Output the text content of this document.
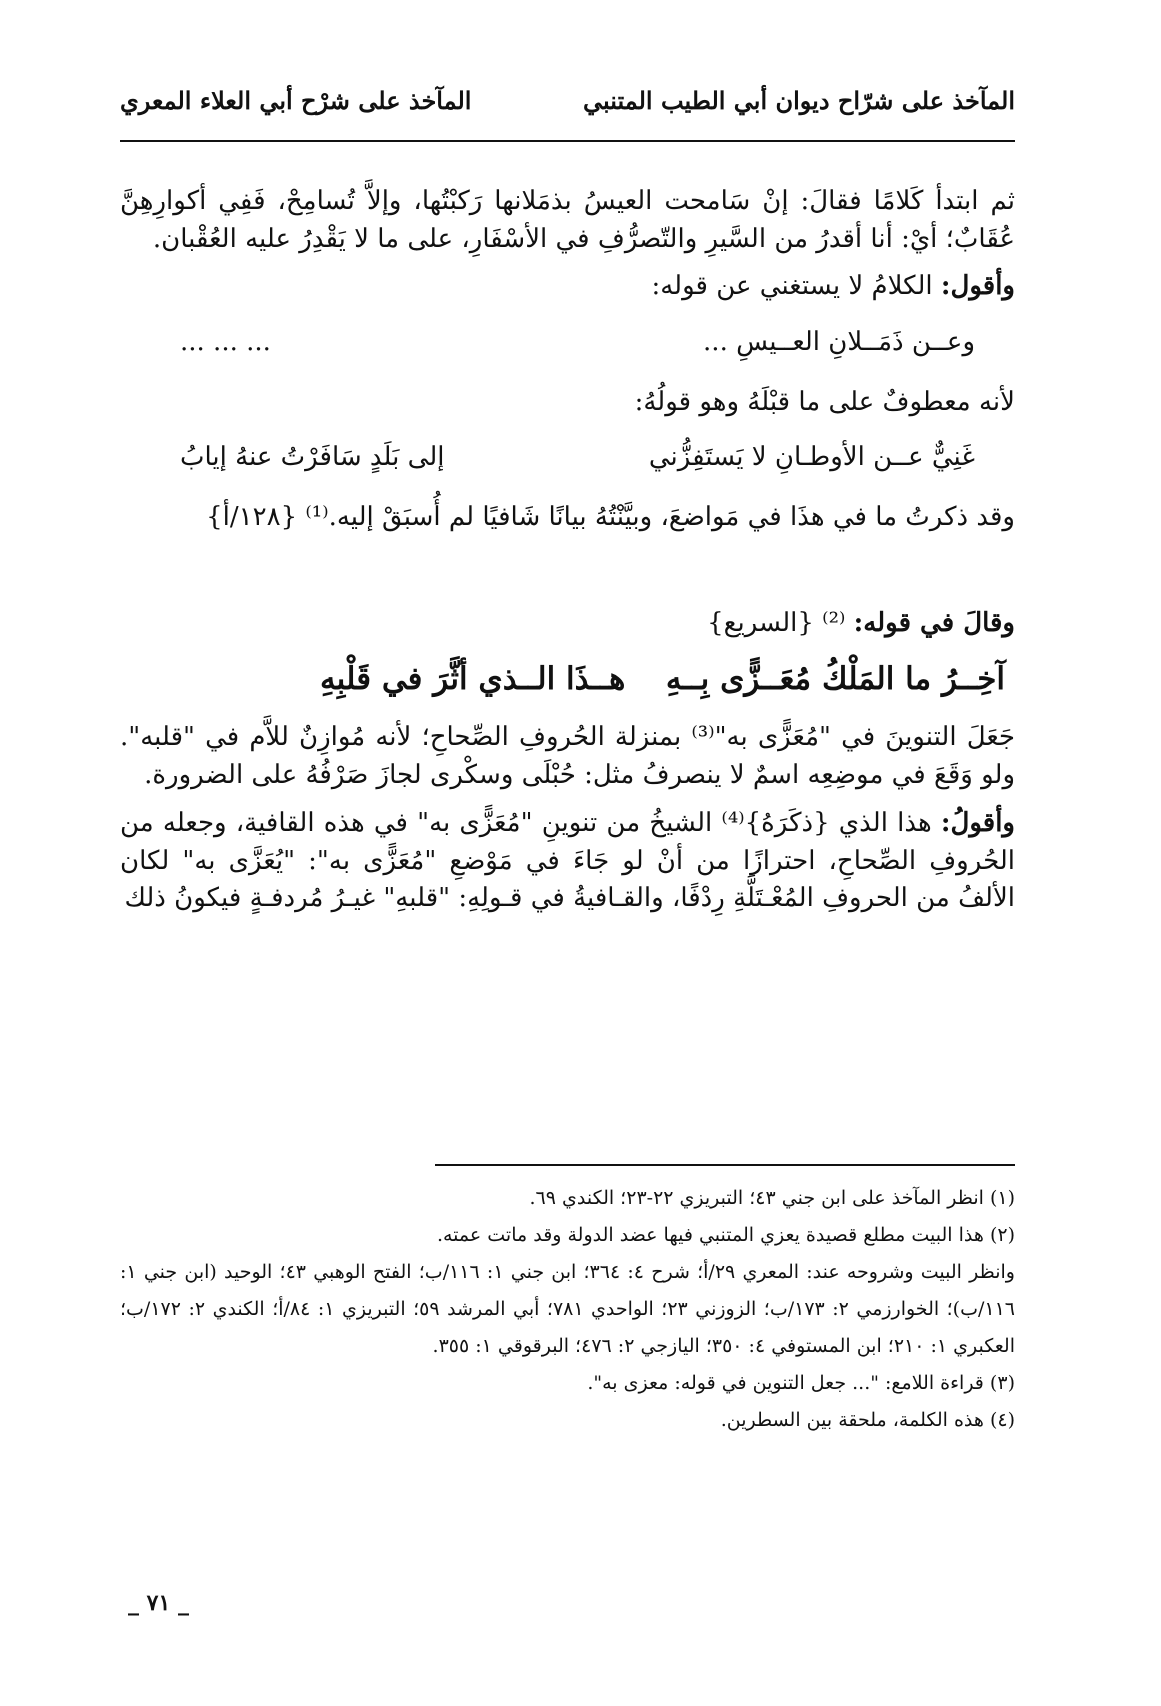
المآخذ على شرّاح ديوان أبي الطيب المتنبي
المآخذ على شرْح أبي العلاء المعري

ثم ابتدأ كَلامًا فقالَ: إنْ سَامحت العيسُ بذمَلانها رَكبْتُها، وإلاَّ تُسامِحْ، فَفِي أكوارِهِنَّ عُقَابٌ؛ أيْ: أنا أقدرُ من السَّيرِ والتّصرُّفِ في الأسْفَارِ، على ما لا يَقْدِرُ عليه العُقْبان.

وأقول: الكلامُ لا يستغني عن قوله:

وعــن ذَمَــلانِ العــيسِ ...
... ... ...

لأنه معطوفٌ على ما قبْلَهُ وهو قولُهُ:

غَنِيٌّ عــن الأوطـانِ لا يَستَفِزُّني
إلى بَلَدٍ سَافَرْتُ عنهُ إيابُ

وقد ذكرتُ ما في هذَا في مَواضعَ، وبيَّنْتُهُ بيانًا شَافيًا لم أُسبَقْ إليه.⁽¹⁾ {١٢٨/أ}

وقالَ في قوله: ⁽²⁾ {السريع}

آخِــرُ ما المَلْكُ مُعَــزًّى بِــهِ
هــذَا الــذي أثَّرَ في قَلْبِهِ

جَعَلَ التنوينَ في "مُعَزًّى به"⁽³⁾ بمنزلة الحُروفِ الصِّحاحِ؛ لأنه مُوازِنٌ للاَّم في "قلبه". ولو وَقَعَ في موضِعِه اسمٌ لا ينصرفُ مثل: حُبْلَى وسكْرى لجازَ صَرْفُهُ على الضرورة.

وأقولُ: هذا الذي {ذكَرَهُ}⁽⁴⁾ الشيخُ من تنوينِ "مُعَزًّى به" في هذه القافية، وجعله من الحُروفِ الصِّحاحِ، احترازًا من أنْ لو جَاءَ في مَوْضعِ "مُعَزًّى به": "يُعَزَّى به" لكان الألفُ من الحروفِ المُعْـتَلَّةِ رِدْفًا، والقـافيةُ في قـولِهِ: "قلبهِ" غيـرُ مُردفـةٍ فيكونُ ذلك

(١) انظر المآخذ على ابن جني ٤٣؛ التبريزي ٢٢-٢٣؛ الكندي ٦٩.

(٢) هذا البيت مطلع قصيدة يعزي المتنبي فيها عضد الدولة وقد ماتت عمته.

وانظر البيت وشروحه عند: المعري ٢٩/أ؛ شرح ٤: ٣٦٤؛ ابن جني ١: ١١٦/ب؛ الفتح الوهبي ٤٣؛ الوحيد (ابن جني ١: ١١٦/ب)؛ الخوارزمي ٢: ١٧٣/ب؛ الزوزني ٢٣؛ الواحدي ٧٨١؛ أبي المرشد ٥٩؛ التبريزي ١: ٨٤/أ؛ الكندي ٢: ١٧٢/ب؛ العكبري ١: ٢١٠؛ ابن المستوفي ٤: ٣٥٠؛ اليازجي ٢: ٤٧٦؛ البرقوقي ١: ٣٥٥.

(٣) قراءة اللامع: "... جعل التنوين في قوله: معزى به".

(٤) هذه الكلمة، ملحقة بين السطرين.

_ ٧١ _
